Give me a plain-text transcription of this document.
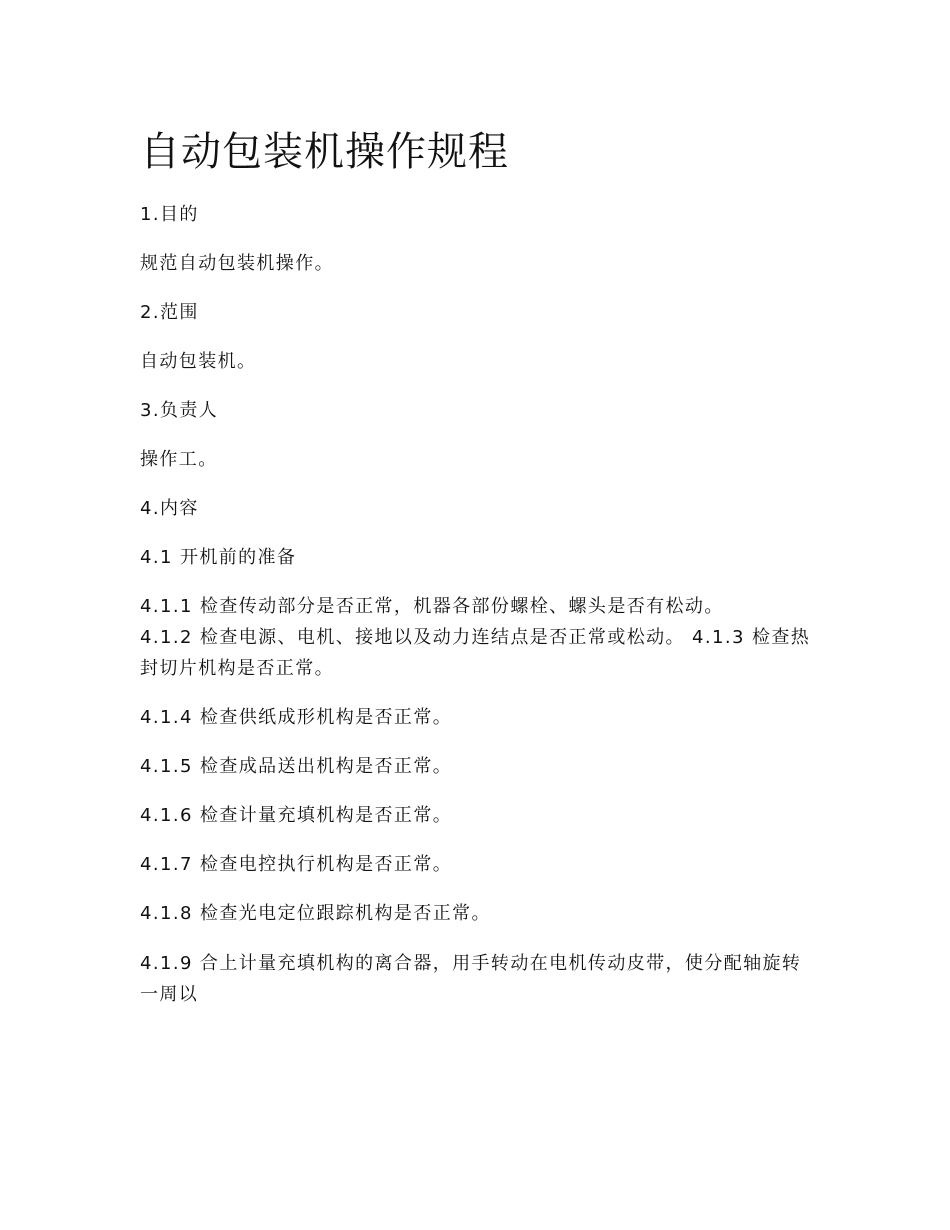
自动包装机操作规程

1.目的

规范自动包装机操作。

2.范围

自动包装机。

3.负责人

操作工。

4.内容

4.1 开机前的准备

4.1.1 检查传动部分是否正常，机器各部份螺栓、螺头是否有松动。

4.1.2 检查电源、电机、接地以及动力连结点是否正常或松动。 4.1.3 检查热封切片机构是否正常。

4.1.4 检查供纸成形机构是否正常。

4.1.5 检查成品送出机构是否正常。

4.1.6 检查计量充填机构是否正常。

4.1.7 检查电控执行机构是否正常。

4.1.8 检查光电定位跟踪机构是否正常。

4.1.9 合上计量充填机构的离合器，用手转动在电机传动皮带，使分配轴旋转一周以
